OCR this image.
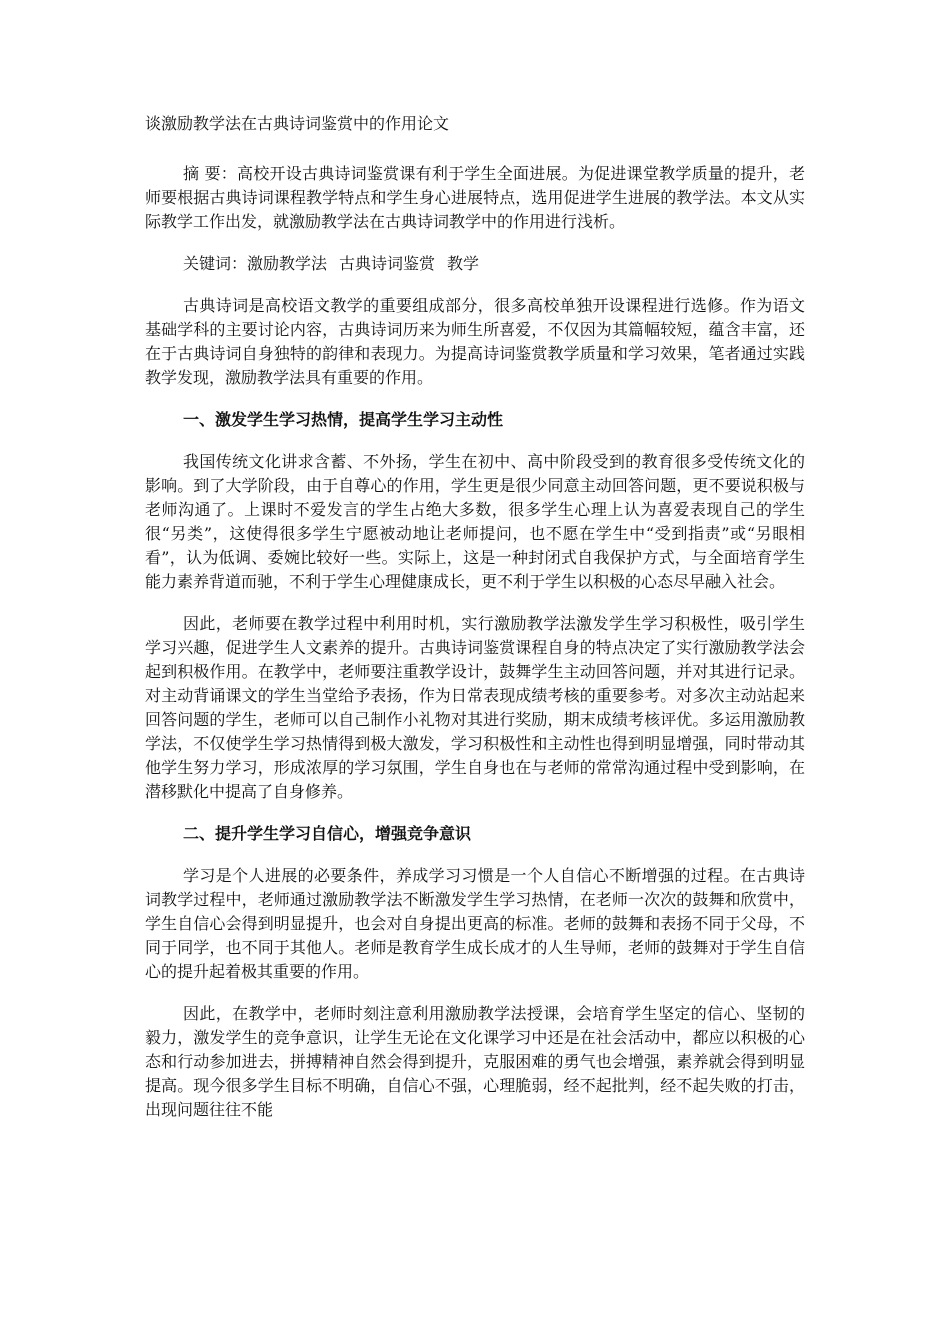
谈激励教学法在古典诗词鉴赏中的作用论文

摘 要：高校开设古典诗词鉴赏课有利于学生全面进展。为促进课堂教学质量的提升，老师要根据古典诗词课程教学特点和学生身心进展特点，选用促进学生进展的教学法。本文从实际教学工作出发，就激励教学法在古典诗词教学中的作用进行浅析。

关键词：激励教学法 古典诗词鉴赏 教学

古典诗词是高校语文教学的重要组成部分，很多高校单独开设课程进行选修。作为语文基础学科的主要讨论内容，古典诗词历来为师生所喜爱，不仅因为其篇幅较短，蕴含丰富，还在于古典诗词自身独特的韵律和表现力。为提高诗词鉴赏教学质量和学习效果，笔者通过实践教学发现，激励教学法具有重要的作用。

一、激发学生学习热情，提高学生学习主动性

我国传统文化讲求含蓄、不外扬，学生在初中、高中阶段受到的教育很多受传统文化的影响。到了大学阶段，由于自尊心的作用，学生更是很少同意主动回答问题，更不要说积极与老师沟通了。上课时不爱发言的学生占绝大多数，很多学生心理上认为喜爱表现自己的学生很“另类”，这使得很多学生宁愿被动地让老师提问，也不愿在学生中“受到指责”或“另眼相看”，认为低调、委婉比较好一些。实际上，这是一种封闭式自我保护方式，与全面培育学生能力素养背道而驰，不利于学生心理健康成长，更不利于学生以积极的心态尽早融入社会。

因此，老师要在教学过程中利用时机，实行激励教学法激发学生学习积极性，吸引学生学习兴趣，促进学生人文素养的提升。古典诗词鉴赏课程自身的特点决定了实行激励教学法会起到积极作用。在教学中，老师要注重教学设计，鼓舞学生主动回答问题，并对其进行记录。对主动背诵课文的学生当堂给予表扬，作为日常表现成绩考核的重要参考。对多次主动站起来回答问题的学生，老师可以自己制作小礼物对其进行奖励，期末成绩考核评优。多运用激励教学法，不仅使学生学习热情得到极大激发，学习积极性和主动性也得到明显增强，同时带动其他学生努力学习，形成浓厚的学习氛围，学生自身也在与老师的常常沟通过程中受到影响，在潜移默化中提高了自身修养。

二、提升学生学习自信心，增强竞争意识

学习是个人进展的必要条件，养成学习习惯是一个人自信心不断增强的过程。在古典诗词教学过程中，老师通过激励教学法不断激发学生学习热情，在老师一次次的鼓舞和欣赏中，学生自信心会得到明显提升，也会对自身提出更高的标准。老师的鼓舞和表扬不同于父母，不同于同学，也不同于其他人。老师是教育学生成长成才的人生导师，老师的鼓舞对于学生自信心的提升起着极其重要的作用。

因此，在教学中，老师时刻注意利用激励教学法授课，会培育学生坚定的信心、坚韧的毅力，激发学生的竞争意识，让学生无论在文化课学习中还是在社会活动中，都应以积极的心态和行动参加进去，拼搏精神自然会得到提升，克服困难的勇气也会增强，素养就会得到明显提高。现今很多学生目标不明确，自信心不强，心理脆弱，经不起批判，经不起失败的打击，出现问题往往不能
